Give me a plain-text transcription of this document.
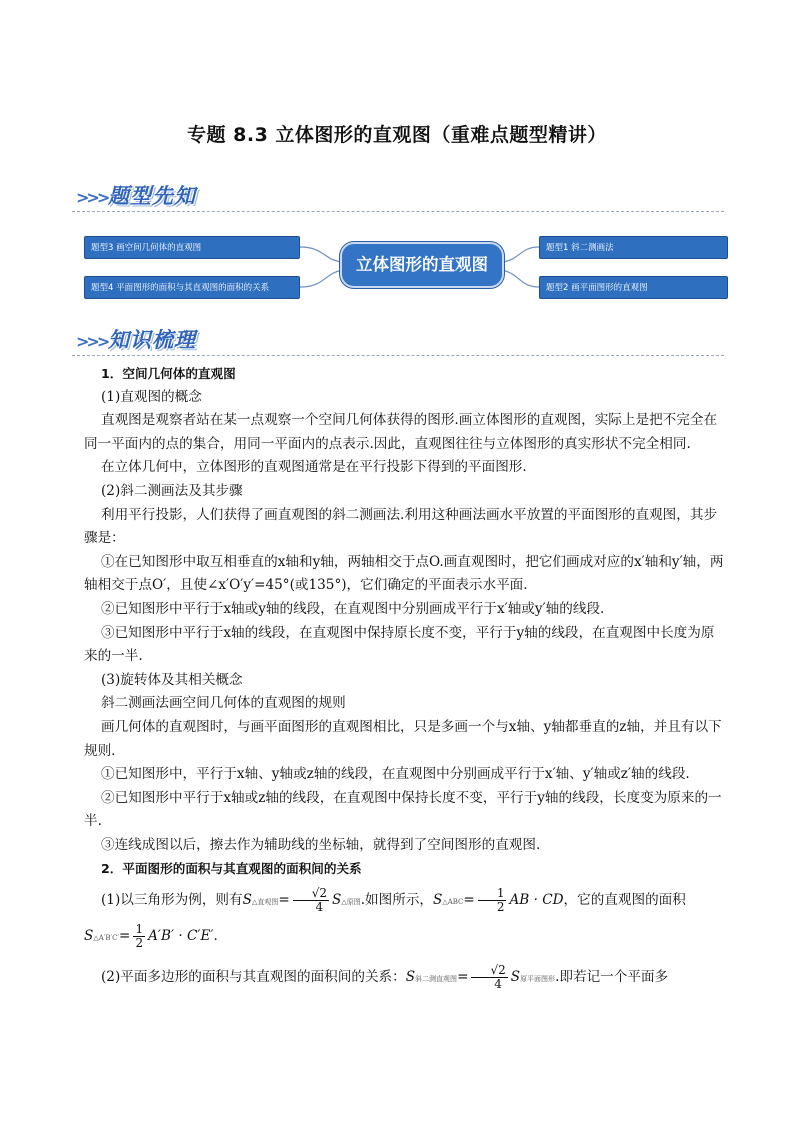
专题 8.3 立体图形的直观图（重难点题型精讲）
>>> 题型先知
题型3 画空间几何体的直观图
题型4 平面图形的面积与其直观图的面积的关系
立体图形的直观图
题型1 斜二测画法
题型2 画平面图形的直观图
>>> 知识梳理

1．空间几何体的直观图

(1)直观图的概念

直观图是观察者站在某一点观察一个空间几何体获得的图形.画立体图形的直观图，实际上是把不完全在同一平面内的点的集合，用同一平面内的点表示.因此，直观图往往与立体图形的真实形状不完全相同.

在立体几何中，立体图形的直观图通常是在平行投影下得到的平面图形.

(2)斜二测画法及其步骤

利用平行投影，人们获得了画直观图的斜二测画法.利用这种画法画水平放置的平面图形的直观图，其步骤是：

①在已知图形中取互相垂直的x轴和y轴，两轴相交于点O.画直观图时，把它们画成对应的x′轴和y′轴，两轴相交于点O′，且使∠x′O′y′=45°(或135°)，它们确定的平面表示水平面.

②已知图形中平行于x轴或y轴的线段，在直观图中分别画成平行于x′轴或y′轴的线段.

③已知图形中平行于x轴的线段，在直观图中保持原长度不变，平行于y轴的线段，在直观图中长度为原来的一半.

(3)旋转体及其相关概念

斜二测画法画空间几何体的直观图的规则

画几何体的直观图时，与画平面图形的直观图相比，只是多画一个与x轴、y轴都垂直的z轴，并且有以下规则.

①已知图形中，平行于x轴、y轴或z轴的线段，在直观图中分别画成平行于x′轴、y′轴或z′轴的线段.

②已知图形中平行于x轴或z轴的线段，在直观图中保持长度不变，平行于y轴的线段，长度变为原来的一半.

③连线成图以后，擦去作为辅助线的坐标轴，就得到了空间图形的直观图.

2．平面图形的面积与其直观图的面积间的关系

(1)以三角形为例，则有S△直观图= $\frac{√2}{4}$ S△原图.如图所示，S△ABC= $\frac{1}{2}$ AB · CD，它的直观图的面积

S△A′B′C′= $\frac{1}{2} A'B' \cdot C'E'$.

(2)平面多边形的面积与其直观图的面积间的关系：S斜二测直观图= $\frac{√2}{4}$ S原平面图形.即若记一个平面多
